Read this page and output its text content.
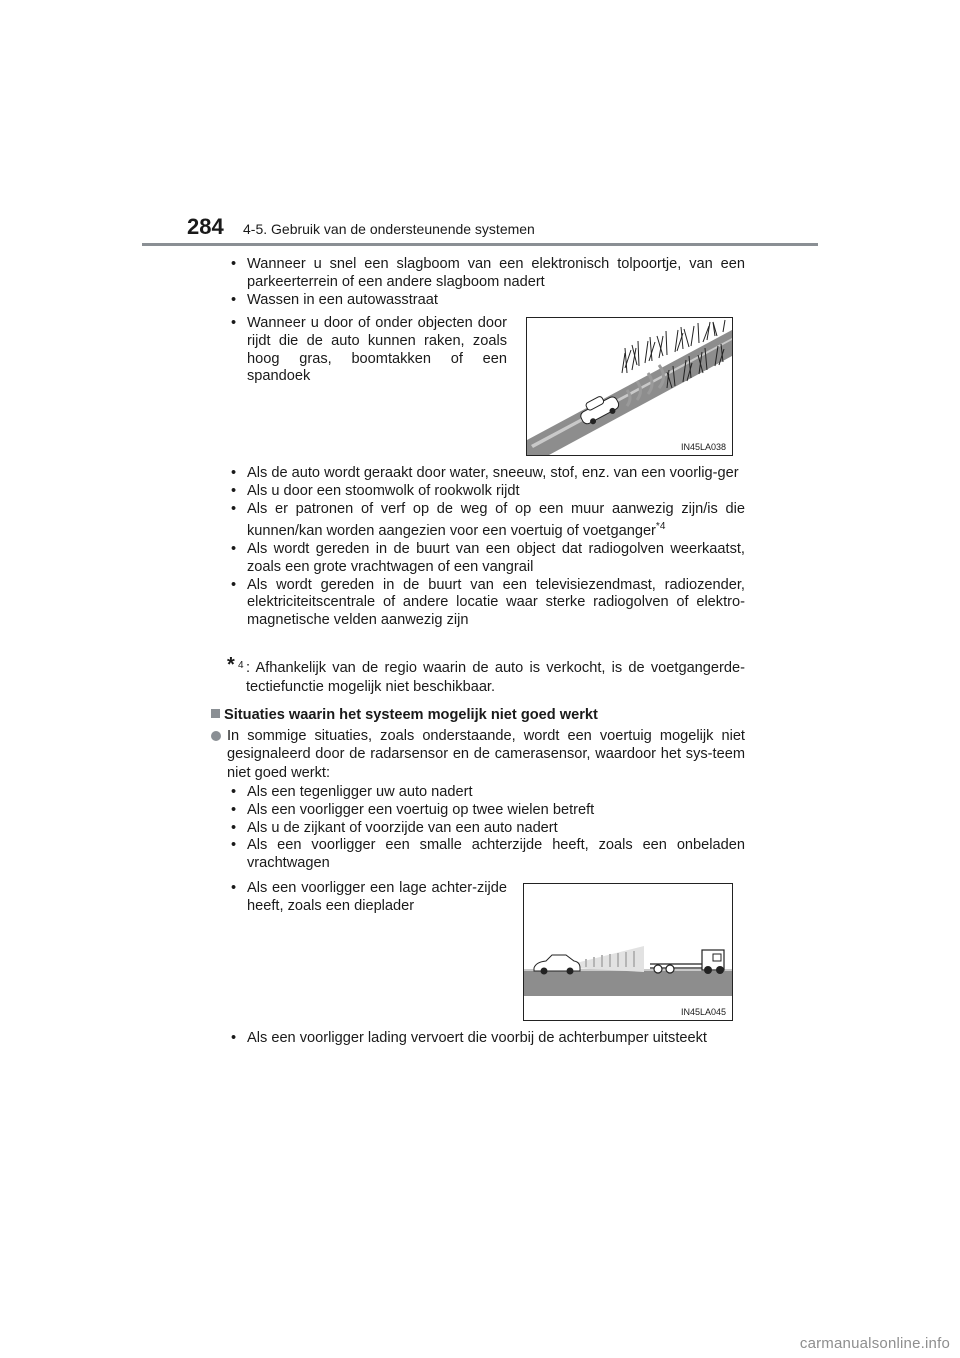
284 4-5. Gebruik van de ondersteunende systemen
• Wanneer u snel een slagboom van een elektronisch tolpoortje, van een parkeerterrein of een andere slagboom nadert
• Wassen in een autowasstraat
• Wanneer u door of onder objecten door rijdt die de auto kunnen raken, zoals hoog gras, boomtakken of een spandoek
IN45LA038
• Als de auto wordt geraakt door water, sneeuw, stof, enz. van een voorlig-ger
• Als u door een stoomwolk of rookwolk rijdt
• Als er patronen of verf op de weg of op een muur aanwezig zijn/is die kunnen/kan worden aangezien voor een voertuig of voetganger$^{*4}$
• Als wordt gereden in de buurt van een object dat radiogolven weerkaatst, zoals een grote vrachtwagen of een vangrail
• Als wordt gereden in de buurt van een televisiezendmast, radiozender, elektriciteitscentrale of andere locatie waar sterke radiogolven of elektro-magnetische velden aanwezig zijn
* 4 : Afhankelijk van de regio waarin de auto is verkocht, is de voetgangerde-tectiefunctie mogelijk niet beschikbaar.
Situaties waarin het systeem mogelijk niet goed werkt
In sommige situaties, zoals onderstaande, wordt een voertuig mogelijk niet gesignaleerd door de radarsensor en de camerasensor, waardoor het sys-teem niet goed werkt:
• Als een tegenligger uw auto nadert
• Als een voorligger een voertuig op twee wielen betreft
• Als u de zijkant of voorzijde van een auto nadert
• Als een voorligger een smalle achterzijde heeft, zoals een onbeladen vrachtwagen
• Als een voorligger een lage achter-zijde heeft, zoals een dieplader
IN45LA045
• Als een voorligger lading vervoert die voorbij de achterbumper uitsteekt
carmanualsonline.info
